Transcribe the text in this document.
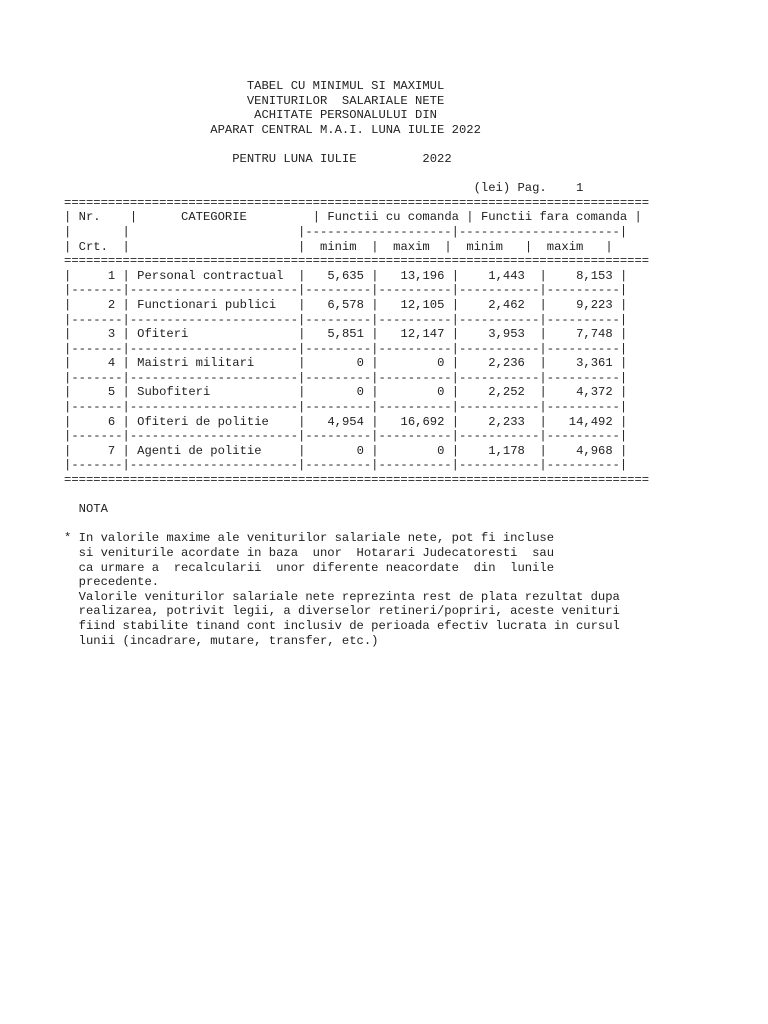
TABEL CU MINIMUL SI MAXIMUL
VENITURILOR  SALARIALE NETE
ACHITATE PERSONALULUI DIN
APARAT CENTRAL M.A.I. LUNA IULIE 2022
PENTRU LUNA IULIE	2022
(lei) Pag. 1
================================================================================
| Nr.    |      CATEGORIE         | Functii cu comanda | Functii fara comanda |
|       |                       |--------------------|----------------------|
| Crt.  |                       |  minim  |  maxim  |  minim   |  maxim   |
================================================================================
|     1 | Personal contractual  |   5,635 |   13,196 |    1,443  |    8,153 |
|-------|-----------------------|---------|----------|-----------|----------|
|     2 | Functionari publici   |   6,578 |   12,105 |    2,462  |    9,223 |
|-------|-----------------------|---------|----------|-----------|----------|
|     3 | Ofiteri               |   5,851 |   12,147 |    3,953  |    7,748 |
|-------|-----------------------|---------|----------|-----------|----------|
|     4 | Maistri militari      |       0 |        0 |    2,236  |    3,361 |
|-------|-----------------------|---------|----------|-----------|----------|
|     5 | Subofiteri            |       0 |        0 |    2,252  |    4,372 |
|-------|-----------------------|---------|----------|-----------|----------|
|     6 | Ofiteri de politie    |   4,954 |   16,692 |    2,233  |   14,492 |
|-------|-----------------------|---------|----------|-----------|----------|
|     7 | Agenti de politie     |       0 |        0 |    1,178  |    4,968 |
|-------|-----------------------|---------|----------|-----------|----------|
================================================================================
NOTA
* In valorile maxime ale veniturilor salariale nete, pot fi incluse
si veniturile acordate in baza  unor  Hotarari Judecatoresti  sau
ca urmare a  recalcularii  unor diferente neacordate  din  lunile
precedente.
Valorile veniturilor salariale nete reprezinta rest de plata rezultat dupa
realizarea, potrivit legii, a diverselor retineri/popriri, aceste venituri
fiind stabilite tinand cont inclusiv de perioada efectiv lucrata in cursul
lunii (incadrare, mutare, transfer, etc.)
